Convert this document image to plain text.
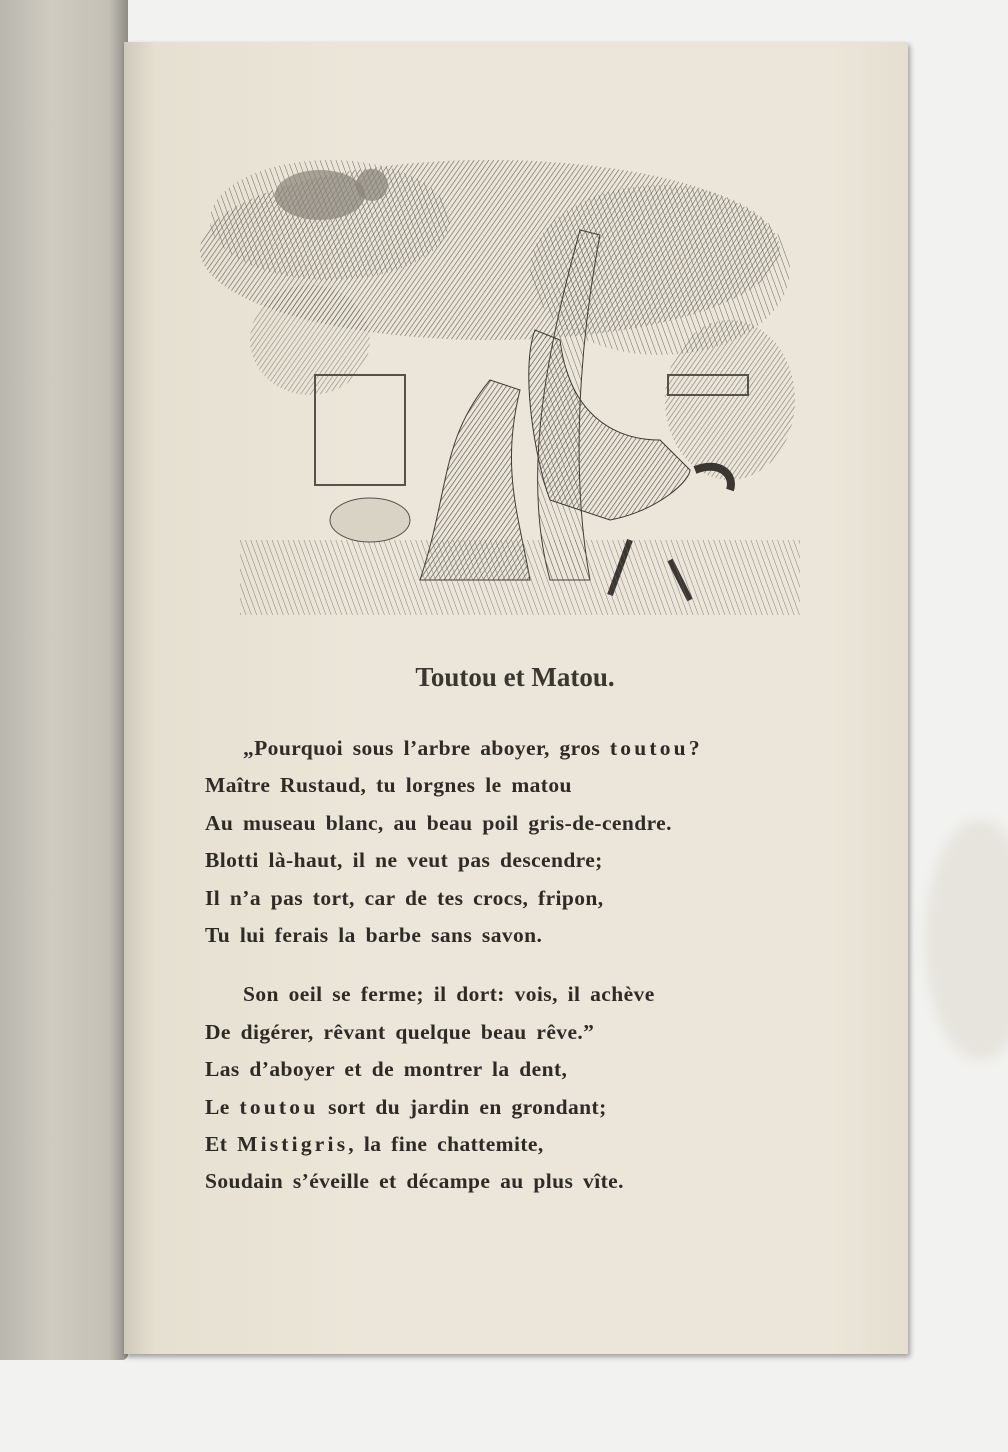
Toutou et Matou.
„Pourquoi sous l’arbre aboyer, gros toutou?
Maître Rustaud, tu lorgnes le matou
Au museau blanc, au beau poil gris-de-cendre.
Blotti là-haut, il ne veut pas descendre;
Il n’a pas tort, car de tes crocs, fripon,
Tu lui ferais la barbe sans savon.
Son oeil se ferme; il dort: vois, il achève
De digérer, rêvant quelque beau rêve.”
Las d’aboyer et de montrer la dent,
Le toutou sort du jardin en grondant;
Et Mistigris, la fine chattemite,
Soudain s’éveille et décampe au plus vîte.
